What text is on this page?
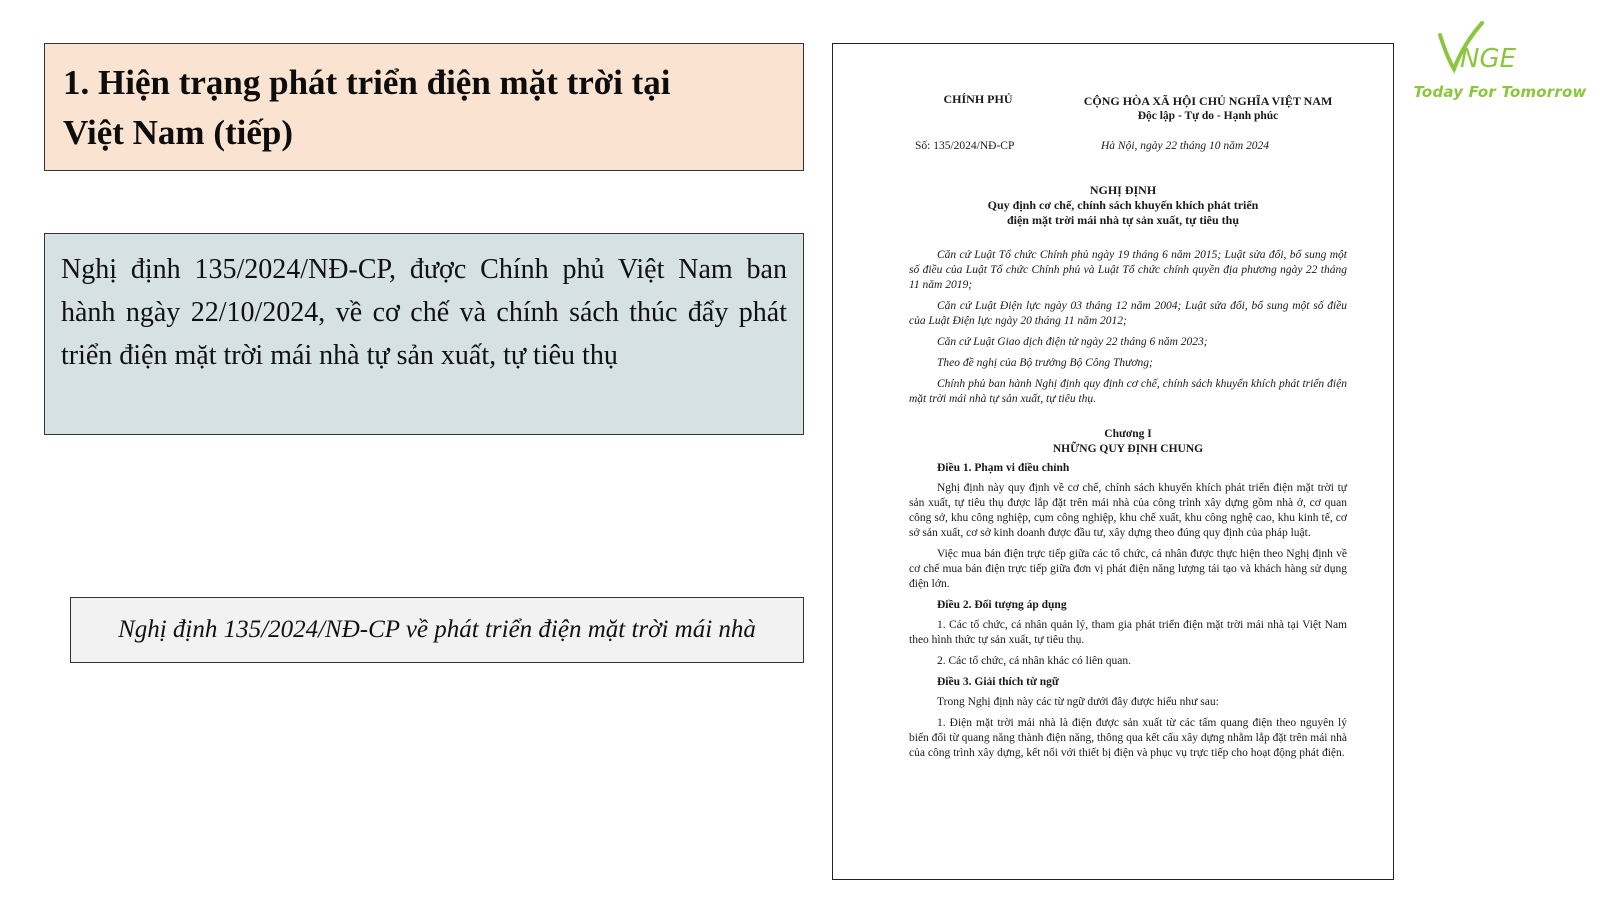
1. Hiện trạng phát triển điện mặt trời tại
Việt Nam (tiếp)

Nghị định 135/2024/NĐ-CP, được Chính phủ Việt Nam ban hành ngày 22/10/2024, về cơ chế và chính sách thúc đẩy phát triển điện mặt trời mái nhà tự sản xuất, tự tiêu thụ

Nghị định 135/2024/NĐ-CP về phát triển điện mặt trời mái nhà
CHÍNH PHỦ	CỘNG HÒA XÃ HỘI CHỦ NGHĨA VIỆT NAM
Độc lập - Tự do - Hạnh phúc
Số: 135/2024/NĐ-CP	Hà Nội, ngày 22 tháng 10 năm 2024
NGHỊ ĐỊNH
Quy định cơ chế, chính sách khuyến khích phát triển
điện mặt trời mái nhà tự sản xuất, tự tiêu thụ

Căn cứ Luật Tổ chức Chính phủ ngày 19 tháng 6 năm 2015; Luật sửa đổi, bổ sung một số điều của Luật Tổ chức Chính phủ và Luật Tổ chức chính quyền địa phương ngày 22 tháng 11 năm 2019;

Căn cứ Luật Điện lực ngày 03 tháng 12 năm 2004; Luật sửa đổi, bổ sung một số điều của Luật Điện lực ngày 20 tháng 11 năm 2012;

Căn cứ Luật Giao dịch điện tử ngày 22 tháng 6 năm 2023;

Theo đề nghị của Bộ trưởng Bộ Công Thương;

Chính phủ ban hành Nghị định quy định cơ chế, chính sách khuyến khích phát triển điện mặt trời mái nhà tự sản xuất, tự tiêu thụ.

Chương I

NHỮNG QUY ĐỊNH CHUNG

Điều 1. Phạm vi điều chỉnh

Nghị định này quy định về cơ chế, chính sách khuyến khích phát triển điện mặt trời tự sản xuất, tự tiêu thụ được lắp đặt trên mái nhà của công trình xây dựng gồm nhà ở, cơ quan công sở, khu công nghiệp, cụm công nghiệp, khu chế xuất, khu công nghệ cao, khu kinh tế, cơ sở sản xuất, cơ sở kinh doanh được đầu tư, xây dựng theo đúng quy định của pháp luật.

Việc mua bán điện trực tiếp giữa các tổ chức, cá nhân được thực hiện theo Nghị định về cơ chế mua bán điện trực tiếp giữa đơn vị phát điện năng lượng tái tạo và khách hàng sử dụng điện lớn.

Điều 2. Đối tượng áp dụng

1. Các tổ chức, cá nhân quản lý, tham gia phát triển điện mặt trời mái nhà tại Việt Nam theo hình thức tự sản xuất, tự tiêu thụ.

2. Các tổ chức, cá nhân khác có liên quan.

Điều 3. Giải thích từ ngữ

Trong Nghị định này các từ ngữ dưới đây được hiểu như sau:

1. Điện mặt trời mái nhà là điện được sản xuất từ các tấm quang điện theo nguyên lý biến đổi từ quang năng thành điện năng, thông qua kết cấu xây dựng nhằm lắp đặt trên mái nhà của công trình xây dựng, kết nối với thiết bị điện và phục vụ trực tiếp cho hoạt động phát điện.

NGE
Today For Tomorrow
